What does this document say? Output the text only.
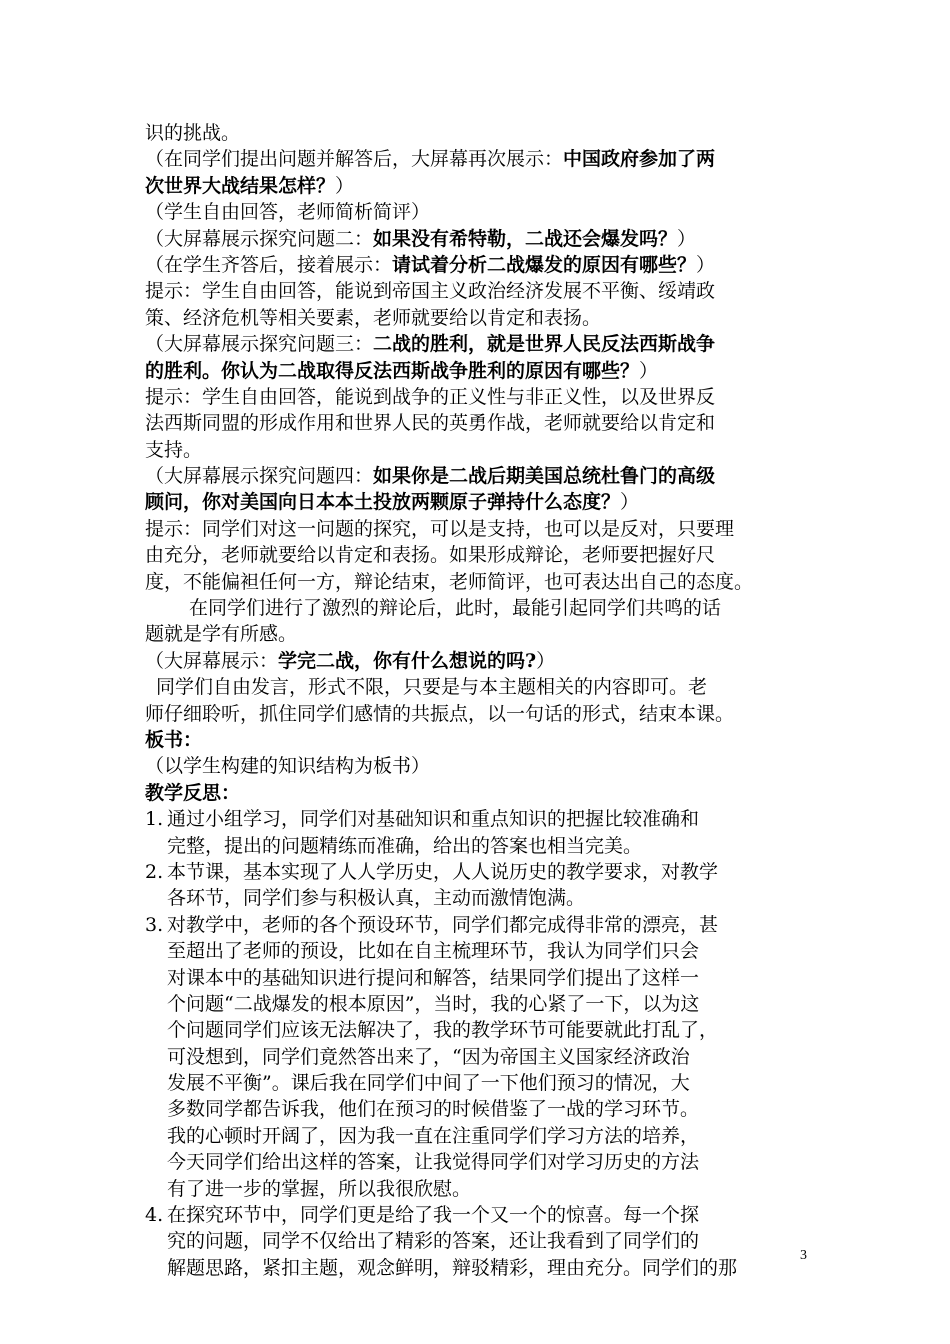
识的挑战。
（在同学们提出问题并解答后，大屏幕再次展示：中国政府参加了两
次世界大战结果怎样？）
（学生自由回答，老师简析简评）
（大屏幕展示探究问题二：如果没有希特勒，二战还会爆发吗？）
（在学生齐答后，接着展示：请试着分析二战爆发的原因有哪些？）
提示：学生自由回答，能说到帝国主义政治经济发展不平衡、绥靖政
策、经济危机等相关要素，老师就要给以肯定和表扬。
（大屏幕展示探究问题三：二战的胜利，就是世界人民反法西斯战争
的胜利。你认为二战取得反法西斯战争胜利的原因有哪些？）
提示：学生自由回答，能说到战争的正义性与非正义性，以及世界反
法西斯同盟的形成作用和世界人民的英勇作战，老师就要给以肯定和
支持。
（大屏幕展示探究问题四：如果你是二战后期美国总统杜鲁门的高级
顾问，你对美国向日本本土投放两颗原子弹持什么态度？）
提示：同学们对这一问题的探究，可以是支持，也可以是反对，只要理
由充分，老师就要给以肯定和表扬。如果形成辩论，老师要把握好尺
度，不能偏袒任何一方，辩论结束，老师简评，也可表达出自己的态度。
在同学们进行了激烈的辩论后，此时，最能引起同学们共鸣的话
题就是学有所感。
（大屏幕展示：学完二战，你有什么想说的吗?）
同学们自由发言，形式不限，只要是与本主题相关的内容即可。老
师仔细聆听，抓住同学们感情的共振点，以一句话的形式，结束本课。
板书：
（以学生构建的知识结构为板书）
教学反思：
1. 通过小组学习，同学们对基础知识和重点知识的把握比较准确和
完整，提出的问题精练而准确，给出的答案也相当完美。
2. 本节课，基本实现了人人学历史，人人说历史的教学要求，对教学
各环节，同学们参与积极认真，主动而激情饱满。
3. 对教学中，老师的各个预设环节，同学们都完成得非常的漂亮，甚
至超出了老师的预设，比如在自主梳理环节，我认为同学们只会
对课本中的基础知识进行提问和解答，结果同学们提出了这样一
个问题“二战爆发的根本原因”，当时，我的心紧了一下，以为这
个问题同学们应该无法解决了，我的教学环节可能要就此打乱了，
可没想到，同学们竟然答出来了，“因为帝国主义国家经济政治
发展不平衡”。课后我在同学们中间了一下他们预习的情况，大
多数同学都告诉我，他们在预习的时候借鉴了一战的学习环节。
我的心顿时开阔了，因为我一直在注重同学们学习方法的培养，
今天同学们给出这样的答案，让我觉得同学们对学习历史的方法
有了进一步的掌握，所以我很欣慰。
4. 在探究环节中，同学们更是给了我一个又一个的惊喜。每一个探
究的问题，同学不仅给出了精彩的答案，还让我看到了同学们的
解题思路，紧扣主题，观念鲜明，辩驳精彩，理由充分。同学们的那
3
